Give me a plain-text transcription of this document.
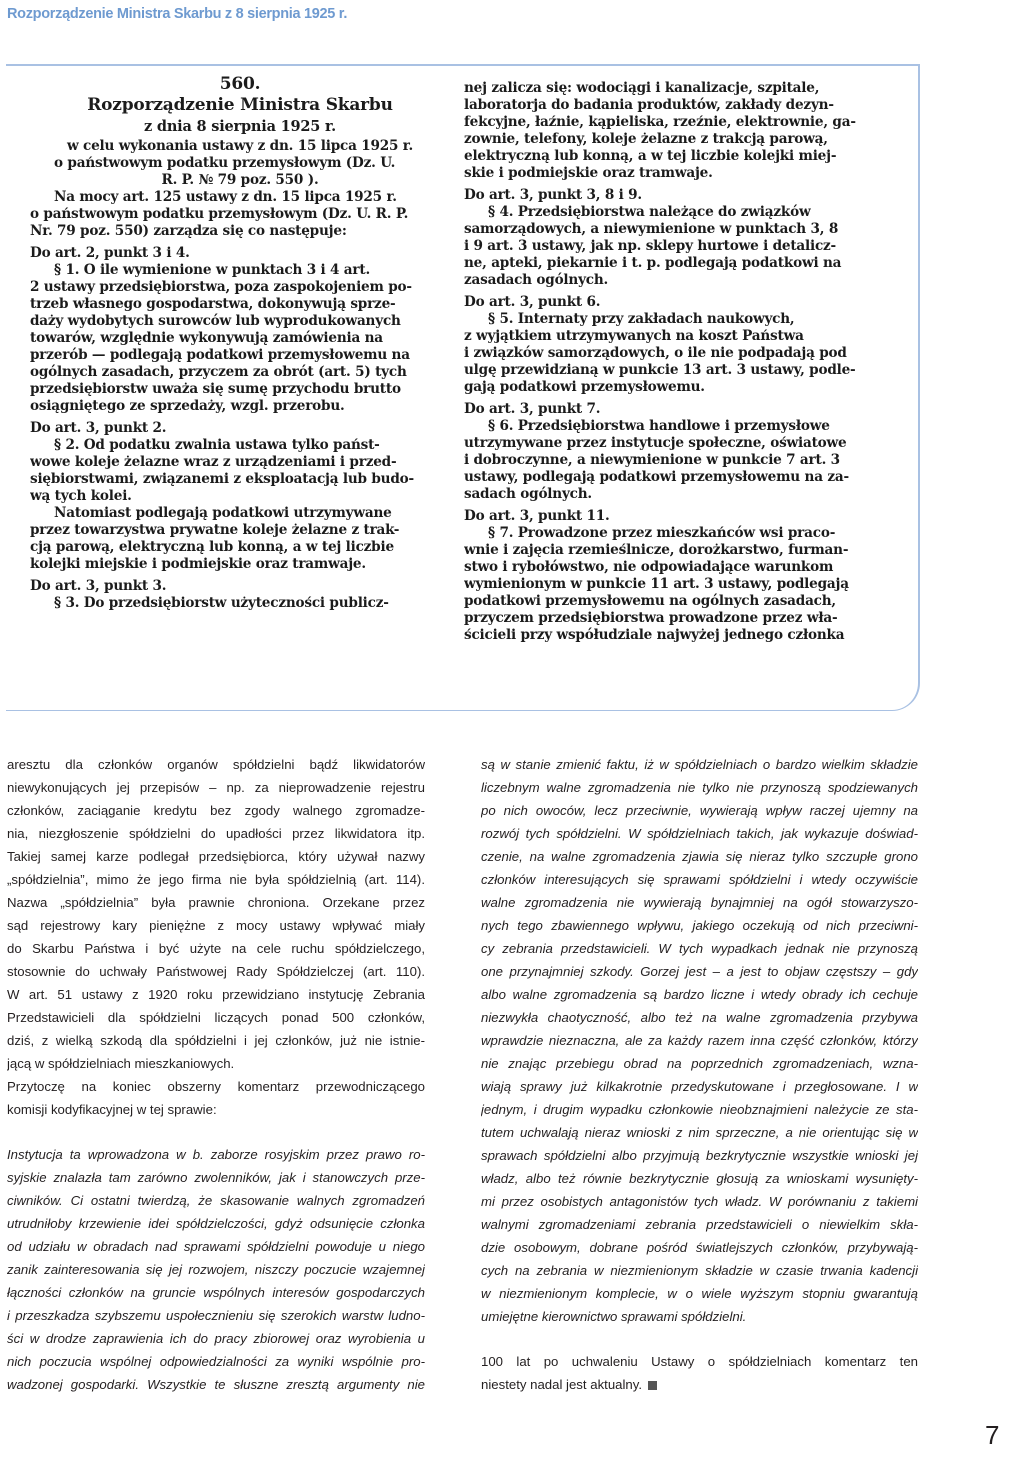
Rozporządzenie Ministra Skarbu z 8 sierpnia 1925 r.
560.
Rozporządzenie Ministra Skarbu
z dnia 8 sierpnia 1925 r.
w celu wykonania ustawy z dn. 15 lipca 1925 r.
o państwowym podatku przemysłowym (Dz. U.
R. P. № 79 poz. 550 ).
Na mocy art. 125 ustawy z dn. 15 lipca 1925 r.
o państwowym podatku przemysłowym (Dz. U. R. P.
Nr. 79 poz. 550) zarządza się co następuje:
Do art. 2, punkt 3 i 4.
§ 1. O ile wymienione w punktach 3 i 4 art.
2 ustawy przedsiębiorstwa, poza zaspokojeniem po-
trzeb własnego gospodarstwa, dokonywują sprze-
daży wydobytych surowców lub wyprodukowanych
towarów, względnie wykonywują zamówienia na
przerób — podlegają podatkowi przemysłowemu na
ogólnych zasadach, przyczem za obrót (art. 5) tych
przedsiębiorstw uważa się sumę przychodu brutto
osiągniętego ze sprzedaży, wzgl. przerobu.
Do art. 3, punkt 2.
§ 2. Od podatku zwalnia ustawa tylko państ-
wowe koleje żelazne wraz z urządzeniami i przed-
siębiorstwami, związanemi z eksploatacją lub budo-
wą tych kolei.
Natomiast podlegają podatkowi utrzymywane
przez towarzystwa prywatne koleje żelazne z trak-
cją parową, elektryczną lub konną, a w tej liczbie
kolejki miejskie i podmiejskie oraz tramwaje.
Do art. 3, punkt 3.
§ 3. Do przedsiębiorstw użyteczności publicz-
nej zalicza się: wodociągi i kanalizacje, szpitale,
laboratorja do badania produktów, zakłady dezyn-
fekcyjne, łaźnie, kąpieliska, rzeźnie, elektrownie, ga-
zownie, telefony, koleje żelazne z trakcją parową,
elektryczną lub konną, a w tej liczbie kolejki miej-
skie i podmiejskie oraz tramwaje.
Do art. 3, punkt 3, 8 i 9.
§ 4. Przedsiębiorstwa należące do związków
samorządowych, a niewymienione w punktach 3, 8
i 9 art. 3 ustawy, jak np. sklepy hurtowe i detalicz-
ne, apteki, piekarnie i t. p. podlegają podatkowi na
zasadach ogólnych.
Do art. 3, punkt 6.
§ 5. Internaty przy zakładach naukowych,
z wyjątkiem utrzymywanych na koszt Państwa
i związków samorządowych, o ile nie podpadają pod
ulgę przewidzianą w punkcie 13 art. 3 ustawy, podle-
gają podatkowi przemysłowemu.
Do art. 3, punkt 7.
§ 6. Przedsiębiorstwa handlowe i przemysłowe
utrzymywane przez instytucje społeczne, oświatowe
i dobroczynne, a niewymienione w punkcie 7 art. 3
ustawy, podlegają podatkowi przemysłowemu na za-
sadach ogólnych.
Do art. 3, punkt 11.
§ 7. Prowadzone przez mieszkańców wsi praco-
wnie i zajęcia rzemieślnicze, dorożkarstwo, furman-
stwo i rybołówstwo, nie odpowiadające warunkom
wymienionym w punkcie 11 art. 3 ustawy, podlegają
podatkowi przemysłowemu na ogólnych zasadach,
przyczem przedsiębiorstwa prowadzone przez wła-
ścicieli przy współudziale najwyżej jednego członka
aresztu dla członków organów spółdzielni bądź likwidatorów
niewykonujących jej przepisów – np. za nieprowadzenie rejestru
członków, zaciąganie kredytu bez zgody walnego zgromadze-
nia, niezgłoszenie spółdzielni do upadłości przez likwidatora itp.
Takiej samej karze podlegał przedsiębiorca, który używał nazwy
„spółdzielnia”, mimo że jego firma nie była spółdzielnią (art. 114).
Nazwa „spółdzielnia” była prawnie chroniona. Orzekane przez
sąd rejestrowy kary pieniężne z mocy ustawy wpływać miały
do Skarbu Państwa i być użyte na cele ruchu spółdzielczego,
stosownie do uchwały Państwowej Rady Spółdzielczej (art. 110).
W art. 51 ustawy z 1920 roku przewidziano instytucję Zebrania
Przedstawicieli dla spółdzielni liczących ponad 500 członków,
dziś, z wielką szkodą dla spółdzielni i jej członków, już nie istnie-
jącą w spółdzielniach mieszkaniowych.
Przytoczę na koniec obszerny komentarz przewodniczącego
komisji kodyfikacyjnej w tej sprawie:
Instytucja ta wprowadzona w b. zaborze rosyjskim przez prawo ro-
syjskie znalazła tam zarówno zwolenników, jak i stanowczych prze-
ciwników. Ci ostatni twierdzą, że skasowanie walnych zgromadzeń
utrudniłoby krzewienie idei spółdzielczości, gdyż odsunięcie członka
od udziału w obradach nad sprawami spółdzielni powoduje u niego
zanik zainteresowania się jej rozwojem, niszczy poczucie wzajemnej
łączności członków na gruncie wspólnych interesów gospodarczych
i przeszkadza szybszemu uspołecznieniu się szerokich warstw ludno-
ści w drodze zaprawienia ich do pracy zbiorowej oraz wyrobienia u
nich poczucia wspólnej odpowiedzialności za wyniki wspólnie pro-
wadzonej gospodarki. Wszystkie te słuszne zresztą argumenty nie
są w stanie zmienić faktu, iż w spółdzielniach o bardzo wielkim składzie
liczebnym walne zgromadzenia nie tylko nie przynoszą spodziewanych
po nich owoców, lecz przeciwnie, wywierają wpływ raczej ujemny na
rozwój tych spółdzielni. W spółdzielniach takich, jak wykazuje doświad-
czenie, na walne zgromadzenia zjawia się nieraz tylko szczupłe grono
członków interesujących się sprawami spółdzielni i wtedy oczywiście
walne zgromadzenia nie wywierają bynajmniej na ogół stowarzyszo-
nych tego zbawiennego wpływu, jakiego oczekują od nich przeciwni-
cy zebrania przedstawicieli. W tych wypadkach jednak nie przynoszą
one przynajmniej szkody. Gorzej jest – a jest to objaw częstszy – gdy
albo walne zgromadzenia są bardzo liczne i wtedy obrady ich cechuje
niezwykła chaotyczność, albo też na walne zgromadzenia przybywa
wprawdzie nieznaczna, ale za każdy razem inna część członków, którzy
nie znając przebiegu obrad na poprzednich zgromadzeniach, wzna-
wiają sprawy już kilkakrotnie przedyskutowane i przegłosowane. I w
jednym, i drugim wypadku członkowie nieobznajmieni należycie ze sta-
tutem uchwalają nieraz wnioski z nim sprzeczne, a nie orientując się w
sprawach spółdzielni albo przyjmują bezkrytycznie wszystkie wnioski jej
władz, albo też równie bezkrytycznie głosują za wnioskami wysunięty-
mi przez osobistych antagonistów tych władz. W porównaniu z takiemi
walnymi zgromadzeniami zebrania przedstawicieli o niewielkim skła-
dzie osobowym, dobrane pośród światlejszych członków, przybywają-
cych na zebrania w niezmienionym składzie w czasie trwania kadencji
w niezmienionym komplecie, w o wiele wyższym stopniu gwarantują
umiejętne kierownictwo sprawami spółdzielni.
100 lat po uchwaleniu Ustawy o spółdzielniach komentarz ten
niestety nadal jest aktualny.
7
